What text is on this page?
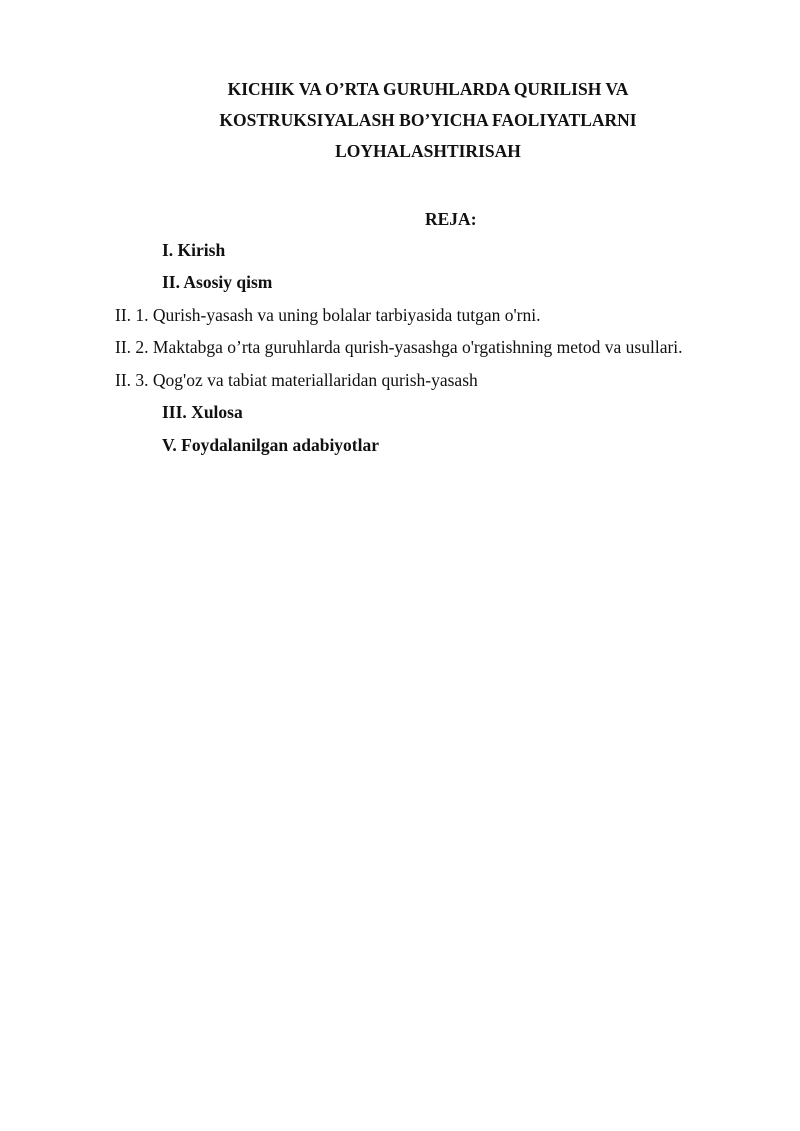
KICHIK VA O’RTA GURUHLARDA QURILISH VA
KOSTRUKSIYALASH BO’YICHA FAOLIYATLARNI
LOYHALASHTIRISAH
REJA:
I. Kirish
II. Asosiy qism
II. 1. Qurish-yasash va uning bolalar tarbiyasida tutgan o'rni.
II. 2. Maktabga o’rta guruhlarda qurish-yasashga o'rgatishning metod va usullari.
II. 3. Qog'oz va tabiat materiallaridan qurish-yasash
III. Xulosa
V. Foydalanilgan adabiyotlar
